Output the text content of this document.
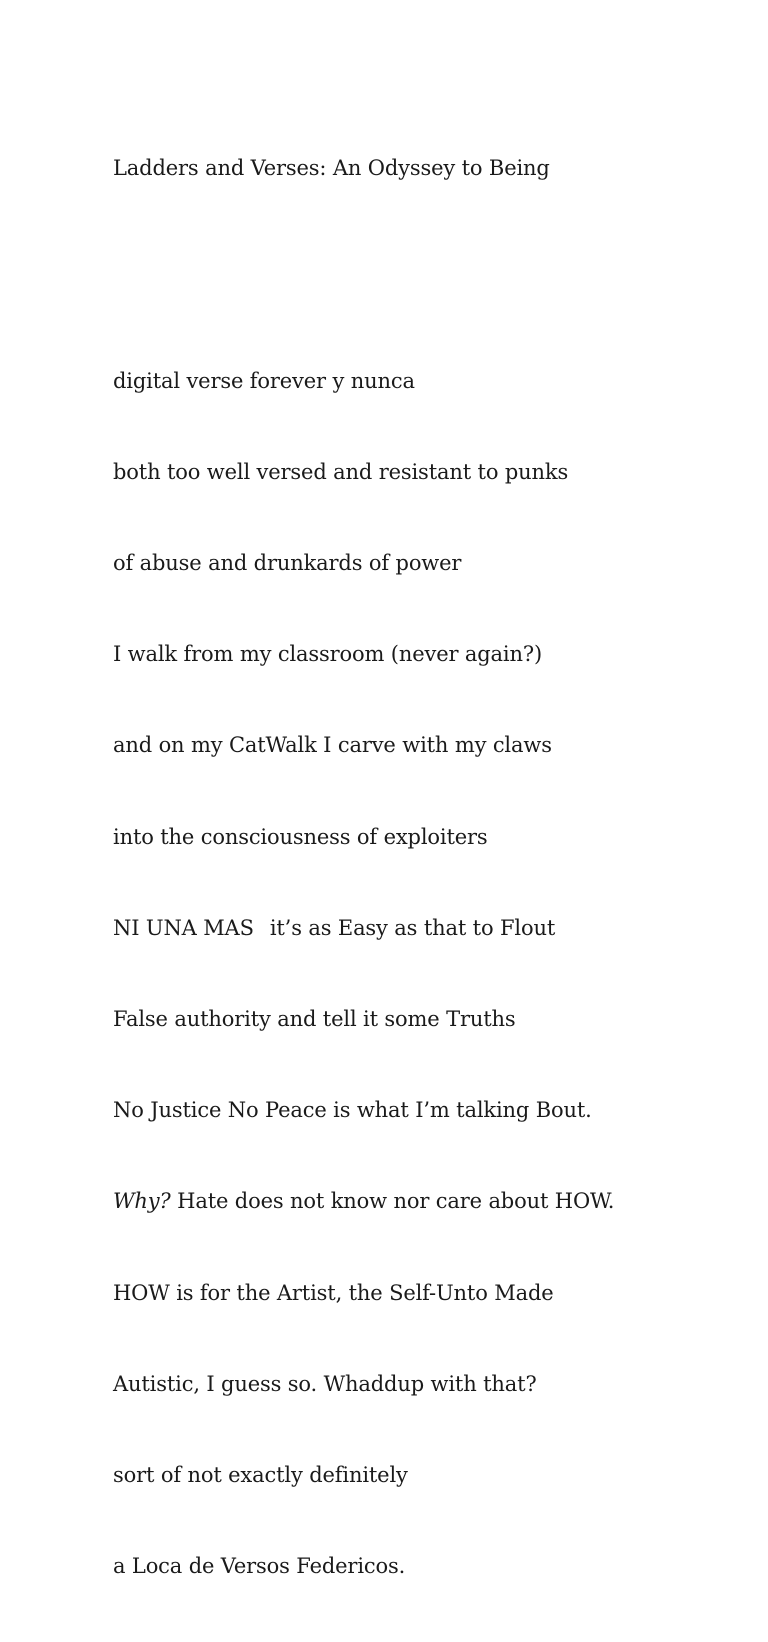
Ladders and Verses: An Odyssey to Being

digital verse forever y nunca

both too well versed and resistant to punks

of abuse and drunkards of power

I walk from my classroom (never again?)

and on my CatWalk I carve with my claws

into the consciousness of exploiters

NI UNA MAS it’s as Easy as that to Flout

False authority and tell it some Truths

No Justice No Peace is what I’m talking Bout.

Why? Hate does not know nor care about HOW.

HOW is for the Artist, the Self-Unto Made

Autistic, I guess so. Whaddup with that?

sort of not exactly definitely

a Loca de Versos Federicos.
